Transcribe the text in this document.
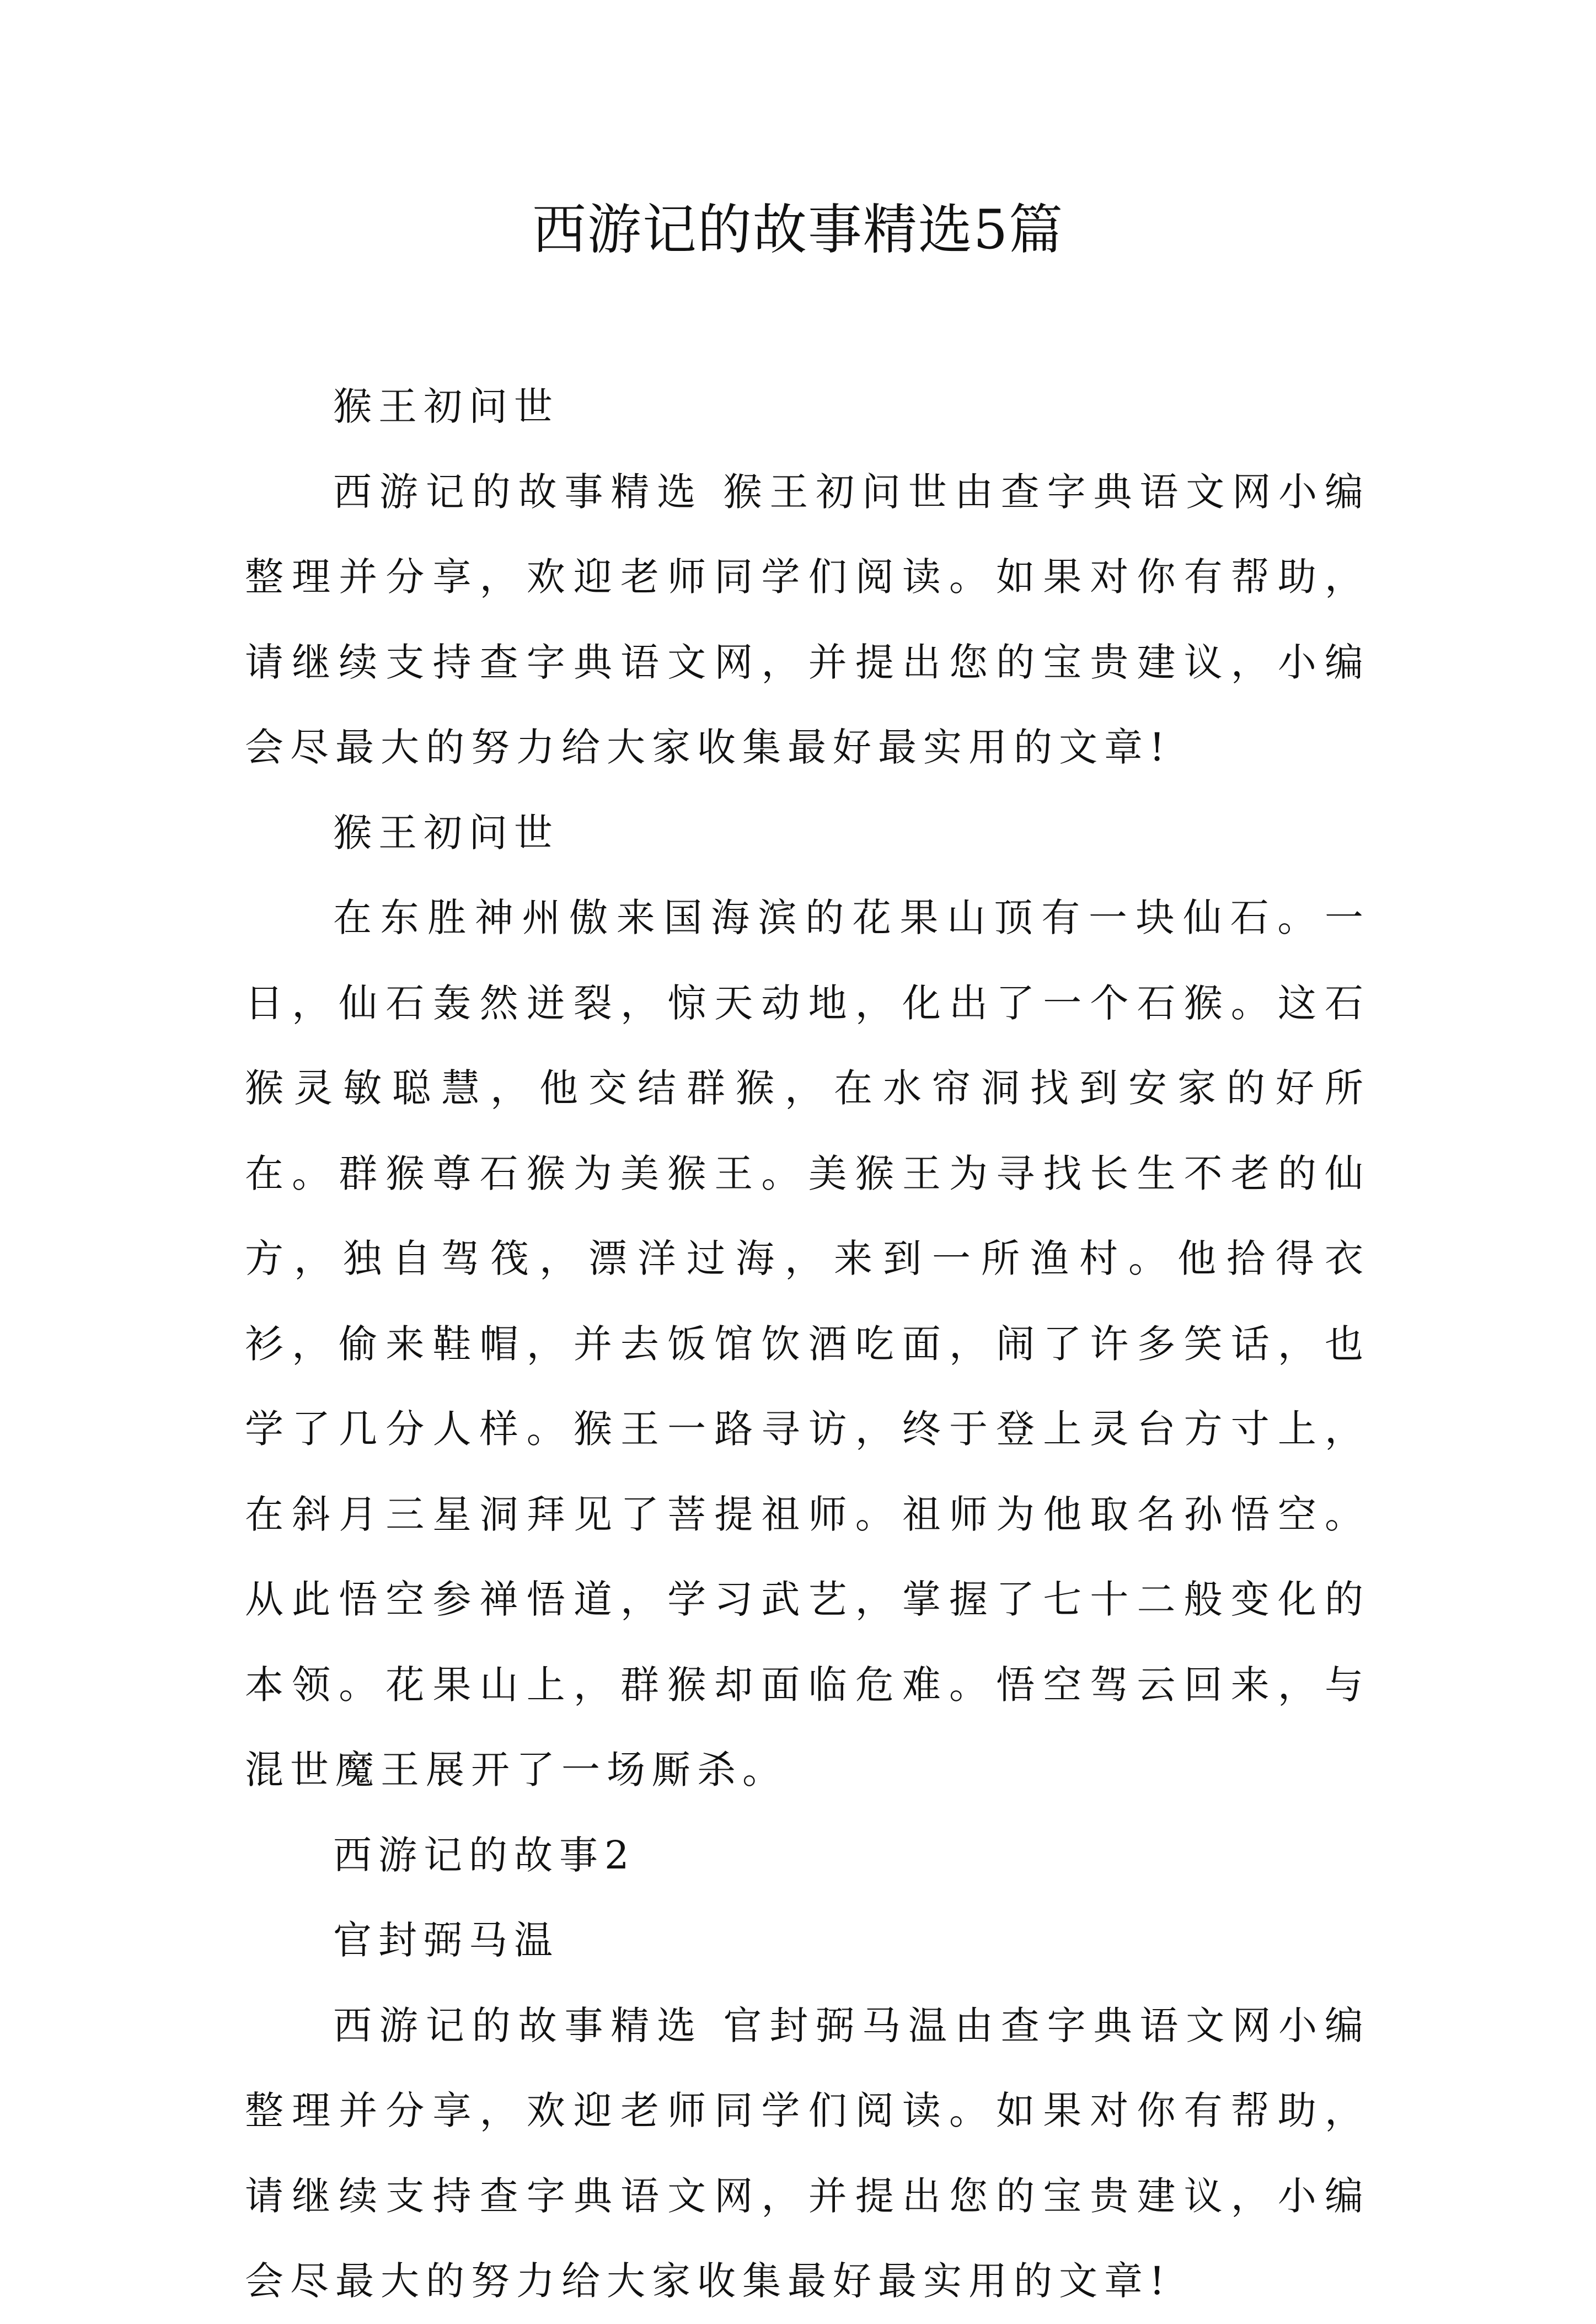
西游记的故事精选5篇

猴王初问世

西游记的故事精选 猴王初问世由查字典语文网小编整理并分享，欢迎老师同学们阅读。如果对你有帮助，请继续支持查字典语文网，并提出您的宝贵建议，小编会尽最大的努力给大家收集最好最实用的文章!

猴王初问世

在东胜神州傲来国海滨的花果山顶有一块仙石。一日，仙石轰然迸裂，惊天动地，化出了一个石猴。这石猴灵敏聪慧，他交结群猴，在水帘洞找到安家的好所在。群猴尊石猴为美猴王。美猴王为寻找长生不老的仙方，独自驾筏，漂洋过海，来到一所渔村。他拾得衣衫，偷来鞋帽，并去饭馆饮酒吃面，闹了许多笑话，也学了几分人样。猴王一路寻访，终于登上灵台方寸上，在斜月三星洞拜见了菩提祖师。祖师为他取名孙悟空。从此悟空参禅悟道，学习武艺，掌握了七十二般变化的本领。花果山上，群猴却面临危难。悟空驾云回来，与混世魔王展开了一场厮杀。

西游记的故事2

官封弼马温

西游记的故事精选 官封弼马温由查字典语文网小编整理并分享，欢迎老师同学们阅读。如果对你有帮助，请继续支持查字典语文网，并提出您的宝贵建议，小编会尽最大的努力给大家收集最好最实用的文章!
